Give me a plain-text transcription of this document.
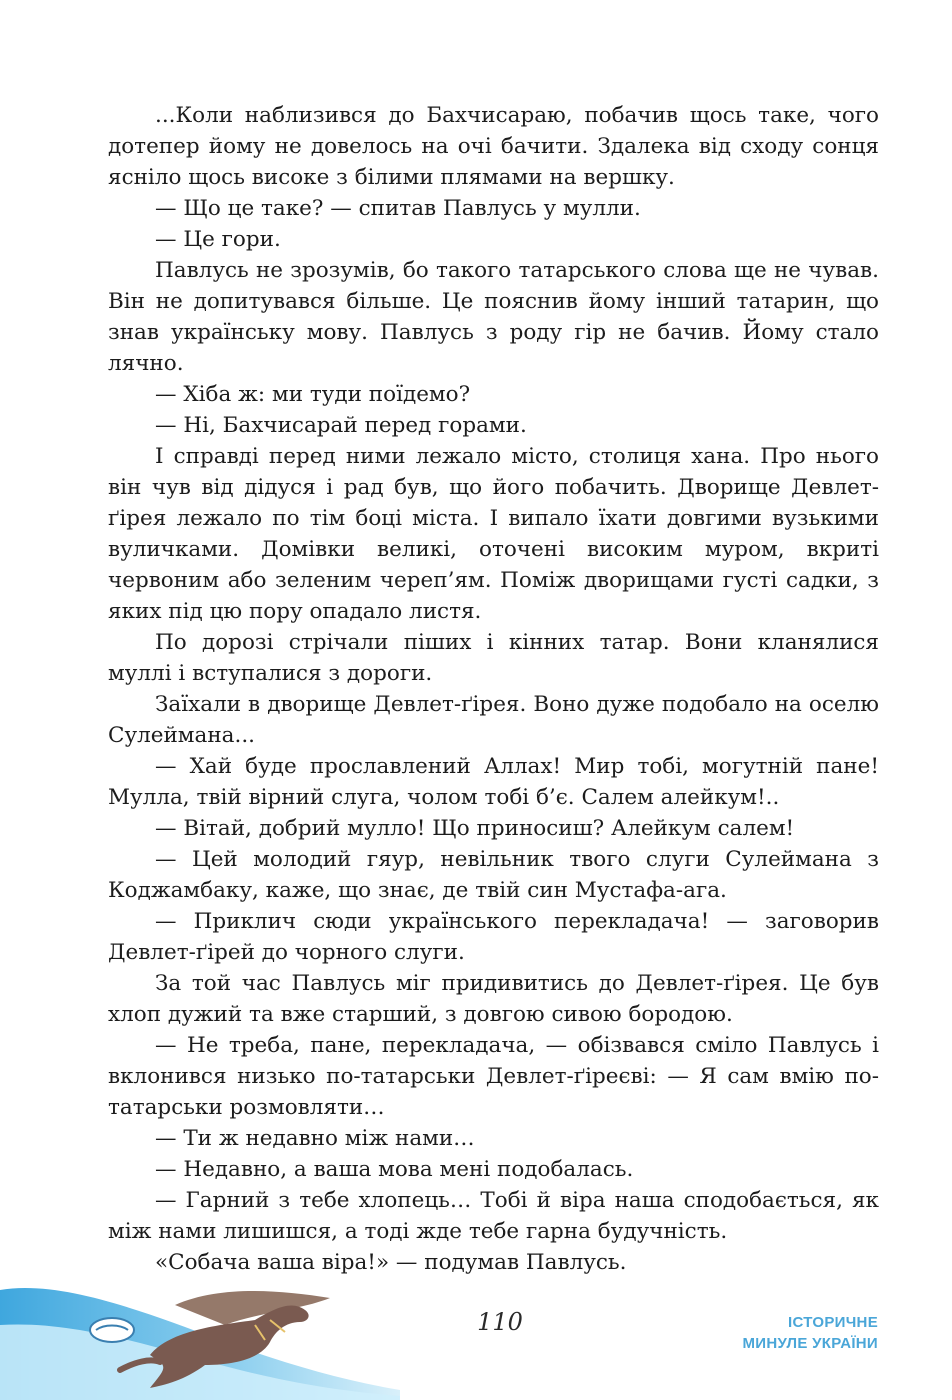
...Коли наблизився до Бахчисараю, побачив щось таке, чого дотепер йому не довелось на очі бачити. Здалека від сходу сонця ясніло щось високе з білими плямами на вершку.

— Що це таке? — спитав Павлусь у мулли.

— Це гори.

Павлусь не зрозумів, бо такого татарського слова ще не чував. Він не допитувався більше. Це пояснив йому інший татарин, що знав українську мову. Павлусь з роду гір не бачив. Йому стало лячно.

— Хіба ж: ми туди поїдемо?

— Ні, Бахчисарай перед горами.

І справді перед ними лежало місто, столиця хана. Про нього він чув від дідуся і рад був, що його побачить. Дворище Девлет-ґірея лежало по тім боці міста. І випало їхати довгими вузькими вуличками. Домівки великі, оточені високим муром, вкриті червоним або зеленим череп’ям. Поміж дворищами густі садки, з яких під цю пору опадало листя.

По дорозі стрічали піших і кінних татар. Вони кланялися муллі і вступалися з дороги.

Заїхали в дворище Девлет-ґірея. Воно дуже подобало на оселю Сулеймана...

— Хай буде прославлений Аллах! Мир тобі, могутній пане! Мулла, твій вірний слуга, чолом тобі б’є. Салем алейкум!..

— Вітай, добрий мулло! Що приносиш? Алейкум салем!

— Цей молодий гяур, невільник твого слуги Сулеймана з Коджамбаку, каже, що знає, де твій син Мустафа-ага.

— Приклич сюди українського перекладача! — заговорив Девлет-ґірей до чорного слуги.

За той час Павлусь міг придивитись до Девлет-ґірея. Це був хлоп дужий та вже старший, з довгою сивою бородою.

— Не треба, пане, перекладача, — обізвався сміло Павлусь і вклонився низько по-татарськи Девлет-ґіреєві: — Я сам вмію по-татарськи розмовляти…

— Ти ж недавно між нами…

— Недавно, а ваша мова мені подобалась.

— Гарний з тебе хлопець… Тобі й віра наша сподобається, як між нами лишишся, а тоді жде тебе гарна будучність.

«Собача ваша віра!» — подумав Павлусь.

110	ІСТОРИЧНЕ
МИНУЛЕ УКРАЇНИ
